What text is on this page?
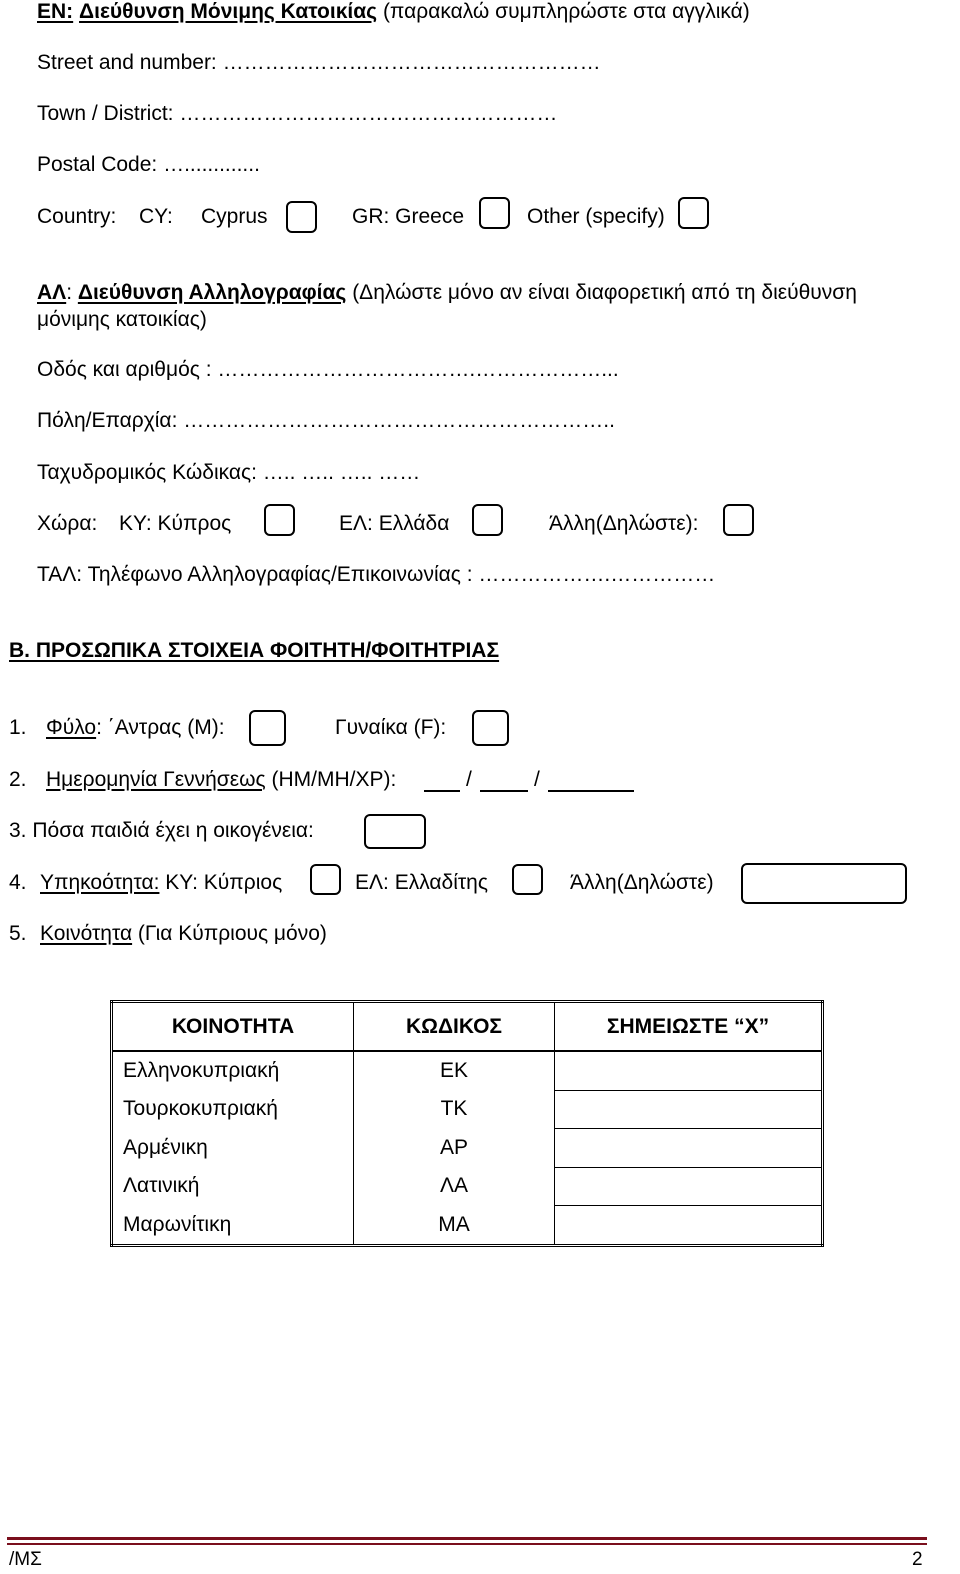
ΕΝ: Διεύθυνση Μόνιμης Κατοικίας (παρακαλώ συμπληρώστε στα αγγλικά)
Street and number: ………………………………………………
Town / District: ………………………………………………
Postal Code: ….............
Country: CY: Cyprus	GR: Greece	Other (specify)
ΑΛ: Διεύθυνση Αλληλογραφίας (Δηλώστε μόνο αν είναι διαφορετική από τη διεύθυνση
μόνιμης κατοικίας)
Οδός και αριθμός : ……………………………….………………...
Πόλη/Επαρχία: ……………………………………………………..
Ταχυδρομικός Κώδικας: ….. ….. ….. ……
Χώρα: ΚΥ: Κύπρος	ΕΛ: Ελλάδα	Άλλη(Δηλώστε):
ΤΑΛ: Τηλέφωνο Αλληλογραφίας/Επικοινωνίας : ……………….……………
Β. ΠΡΟΣΩΠΙΚΑ ΣΤΟΙΧΕΙΑ ΦΟΙΤΗΤΗ/ΦΟΙΤΗΤΡΙΑΣ
1. Φύλο: ΄Αντρας (M):	Γυναίκα (F):
2. Ημερομηνία Γεννήσεως (ΗΜ/ΜΗ/ΧΡ):	/	/
3. Πόσα παιδιά έχει η οικογένεια:
4. Υπηκοότητα: ΚΥ: Κύπριος	ΕΛ: Ελλαδίτης	Άλλη(Δηλώστε)
5. Κοινότητα (Για Κύπριους μόνο)
ΚΟΙΝΟΤΗΤΑ	ΚΩΔΙΚΟΣ	ΣΗΜΕΙΩΣΤΕ “Χ”
Ελληνοκυπριακή	ΕΚ	
Τουρκοκυπριακή	ΤΚ	
Αρμένικη	ΑΡ	
Λατινική	ΛΑ	
Μαρωνίτικη	ΜΑ	
/ΜΣ	2
